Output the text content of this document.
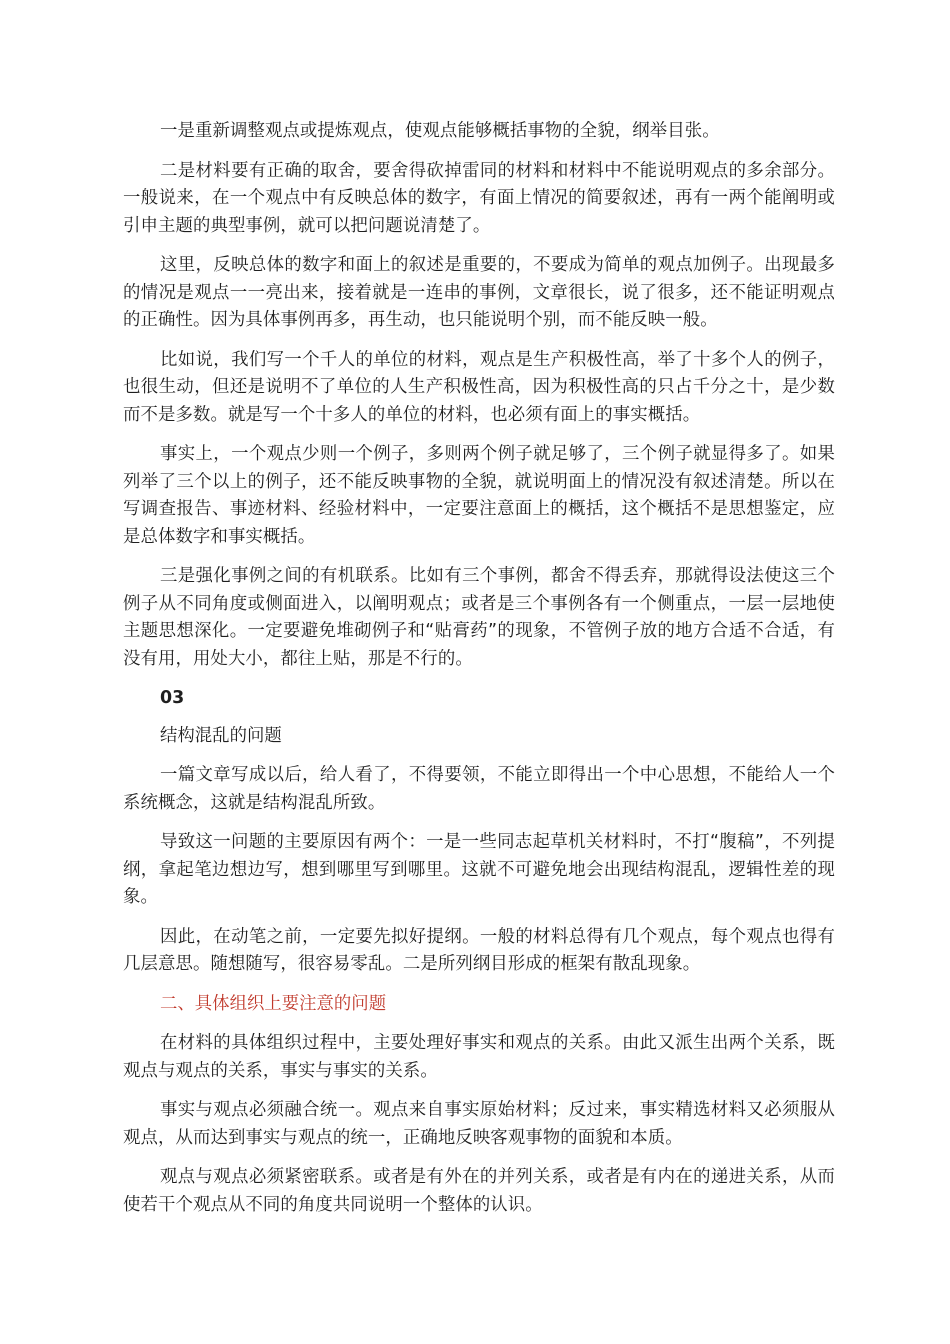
一是重新调整观点或提炼观点，使观点能够概括事物的全貌，纲举目张。

二是材料要有正确的取舍，要舍得砍掉雷同的材料和材料中不能说明观点的多余部分。一般说来，在一个观点中有反映总体的数字，有面上情况的简要叙述，再有一两个能阐明或引申主题的典型事例，就可以把问题说清楚了。

这里，反映总体的数字和面上的叙述是重要的，不要成为简单的观点加例子。出现最多的情况是观点一一亮出来，接着就是一连串的事例，文章很长，说了很多，还不能证明观点的正确性。因为具体事例再多，再生动，也只能说明个别，而不能反映一般。

比如说，我们写一个千人的单位的材料，观点是生产积极性高，举了十多个人的例子，也很生动，但还是说明不了单位的人生产积极性高，因为积极性高的只占千分之十，是少数而不是多数。就是写一个十多人的单位的材料，也必须有面上的事实概括。

事实上，一个观点少则一个例子，多则两个例子就足够了，三个例子就显得多了。如果列举了三个以上的例子，还不能反映事物的全貌，就说明面上的情况没有叙述清楚。所以在写调查报告、事迹材料、经验材料中，一定要注意面上的概括，这个概括不是思想鉴定，应是总体数字和事实概括。

三是强化事例之间的有机联系。比如有三个事例，都舍不得丢弃，那就得设法使这三个例子从不同角度或侧面进入，以阐明观点；或者是三个事例各有一个侧重点，一层一层地使主题思想深化。一定要避免堆砌例子和“贴膏药”的现象，不管例子放的地方合适不合适，有没有用，用处大小，都往上贴，那是不行的。

03

结构混乱的问题

一篇文章写成以后，给人看了，不得要领，不能立即得出一个中心思想，不能给人一个系统概念，这就是结构混乱所致。

导致这一问题的主要原因有两个：一是一些同志起草机关材料时，不打“腹稿”，不列提纲，拿起笔边想边写，想到哪里写到哪里。这就不可避免地会出现结构混乱，逻辑性差的现象。

因此，在动笔之前，一定要先拟好提纲。一般的材料总得有几个观点，每个观点也得有几层意思。随想随写，很容易零乱。二是所列纲目形成的框架有散乱现象。

二、具体组织上要注意的问题

在材料的具体组织过程中，主要处理好事实和观点的关系。由此又派生出两个关系，既观点与观点的关系，事实与事实的关系。

事实与观点必须融合统一。观点来自事实原始材料；反过来，事实精选材料又必须服从观点，从而达到事实与观点的统一，正确地反映客观事物的面貌和本质。

观点与观点必须紧密联系。或者是有外在的并列关系，或者是有内在的递进关系，从而使若干个观点从不同的角度共同说明一个整体的认识。
